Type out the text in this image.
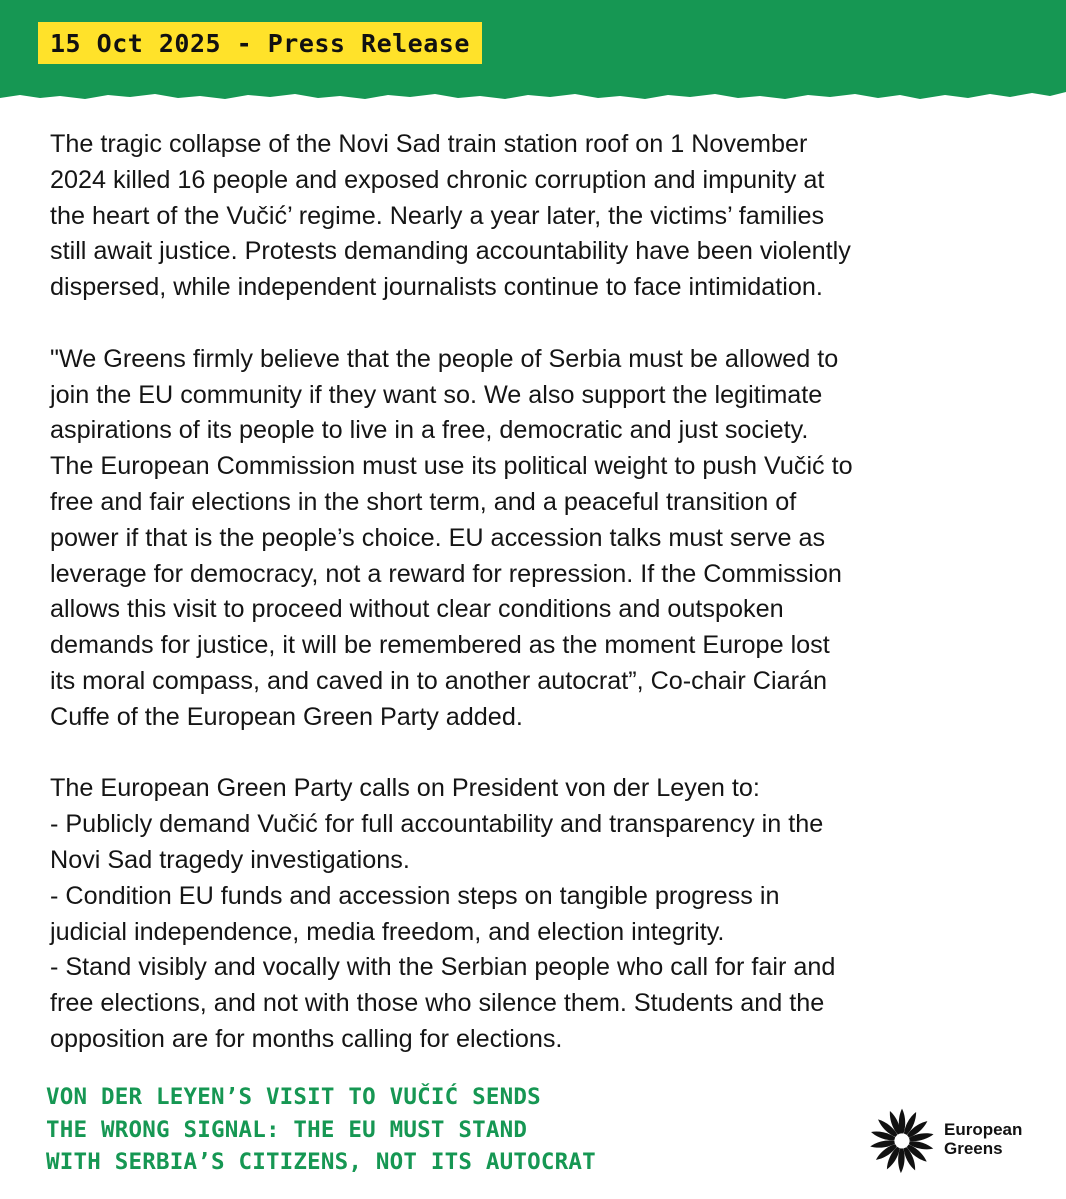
15 Oct 2025 - Press Release

The tragic collapse of the Novi Sad train station roof on 1 November
2024 killed 16 people and exposed chronic corruption and impunity at
the heart of the Vučić’ regime. Nearly a year later, the victims’ families
still await justice. Protests demanding accountability have been violently
dispersed, while independent journalists continue to face intimidation.

"We Greens firmly believe that the people of Serbia must be allowed to
join the EU community if they want so. We also support the legitimate
aspirations of its people to live in a free, democratic and just society.
The European Commission must use its political weight to push Vučić to
free and fair elections in the short term, and a peaceful transition of
power if that is the people’s choice. EU accession talks must serve as
leverage for democracy, not a reward for repression. If the Commission
allows this visit to proceed without clear conditions and outspoken
demands for justice, it will be remembered as the moment Europe lost
its moral compass, and caved in to another autocrat”, Co-chair Ciarán
Cuffe of the European Green Party added.

The European Green Party calls on President von der Leyen to:
- Publicly demand Vučić for full accountability and transparency in the
Novi Sad tragedy investigations.
- Condition EU funds and accession steps on tangible progress in
judicial independence, media freedom, and election integrity.
- Stand visibly and vocally with the Serbian people who call for fair and
free elections, and not with those who silence them. Students and the
opposition are for months calling for elections.

VON DER LEYEN’S VISIT TO VUČIĆ SENDS
THE WRONG SIGNAL: THE EU MUST STAND
WITH SERBIA’S CITIZENS, NOT ITS AUTOCRAT
European
Greens
